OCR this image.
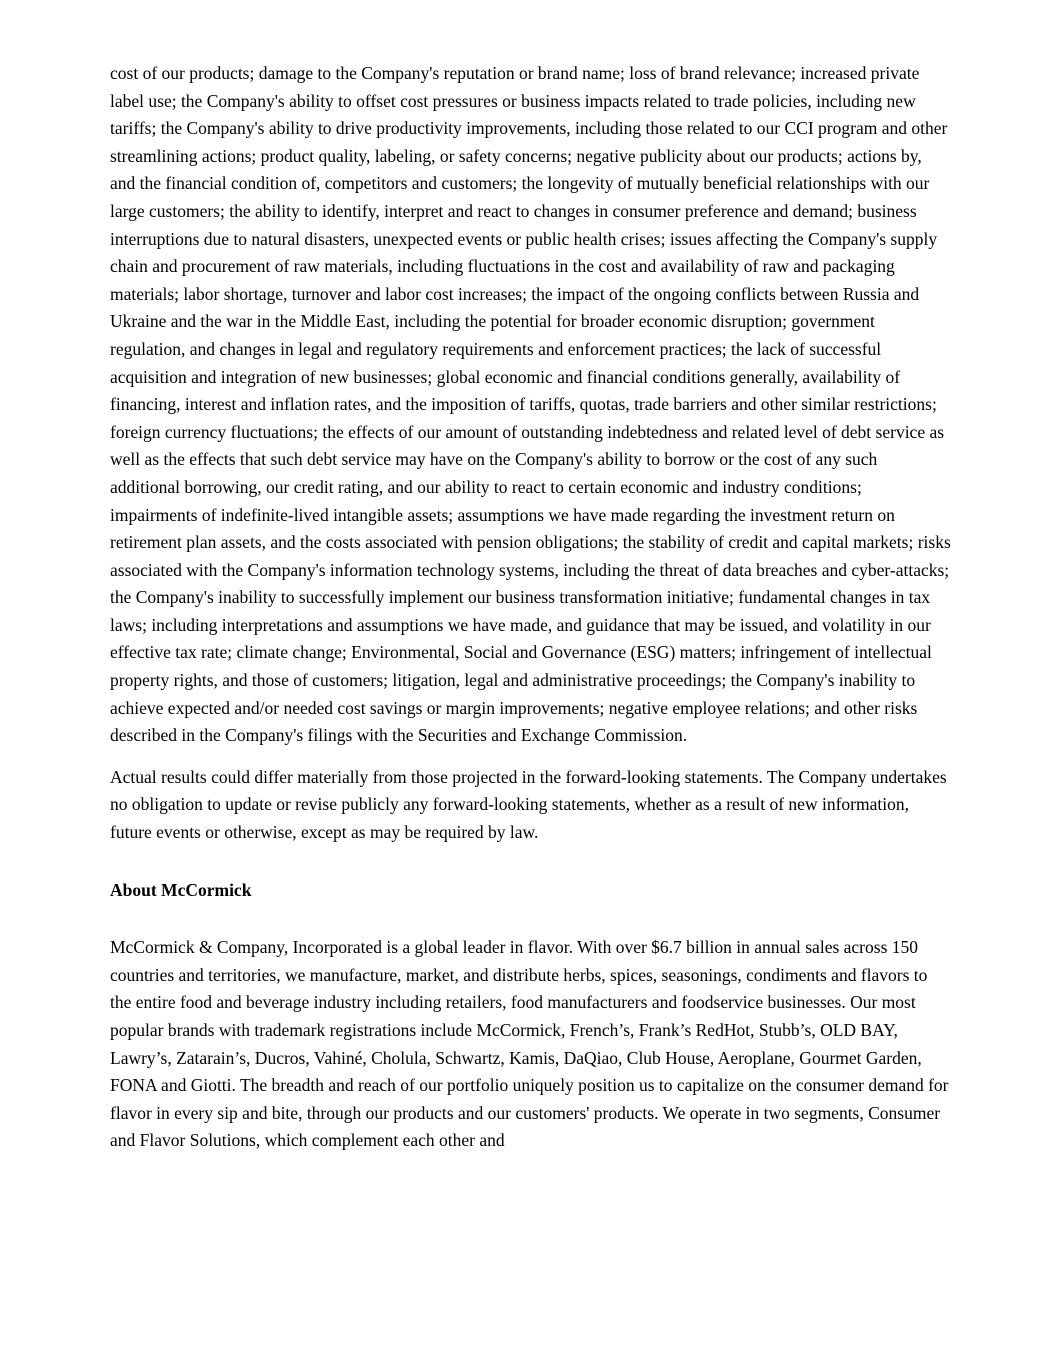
cost of our products; damage to the Company's reputation or brand name; loss of brand relevance; increased private label use; the Company's ability to offset cost pressures or business impacts related to trade policies, including new tariffs; the Company's ability to drive productivity improvements, including those related to our CCI program and other streamlining actions; product quality, labeling, or safety concerns; negative publicity about our products; actions by, and the financial condition of, competitors and customers; the longevity of mutually beneficial relationships with our large customers; the ability to identify, interpret and react to changes in consumer preference and demand; business interruptions due to natural disasters, unexpected events or public health crises; issues affecting the Company's supply chain and procurement of raw materials, including fluctuations in the cost and availability of raw and packaging materials; labor shortage, turnover and labor cost increases; the impact of the ongoing conflicts between Russia and Ukraine and the war in the Middle East, including the potential for broader economic disruption; government regulation, and changes in legal and regulatory requirements and enforcement practices; the lack of successful acquisition and integration of new businesses; global economic and financial conditions generally, availability of financing, interest and inflation rates, and the imposition of tariffs, quotas, trade barriers and other similar restrictions; foreign currency fluctuations; the effects of our amount of outstanding indebtedness and related level of debt service as well as the effects that such debt service may have on the Company's ability to borrow or the cost of any such additional borrowing, our credit rating, and our ability to react to certain economic and industry conditions; impairments of indefinite-lived intangible assets; assumptions we have made regarding the investment return on retirement plan assets, and the costs associated with pension obligations; the stability of credit and capital markets; risks associated with the Company's information technology systems, including the threat of data breaches and cyber-attacks; the Company's inability to successfully implement our business transformation initiative; fundamental changes in tax laws; including interpretations and assumptions we have made, and guidance that may be issued, and volatility in our effective tax rate; climate change; Environmental, Social and Governance (ESG) matters; infringement of intellectual property rights, and those of customers; litigation, legal and administrative proceedings; the Company's inability to achieve expected and/or needed cost savings or margin improvements; negative employee relations; and other risks described in the Company's filings with the Securities and Exchange Commission.

Actual results could differ materially from those projected in the forward-looking statements. The Company undertakes no obligation to update or revise publicly any forward-looking statements, whether as a result of new information, future events or otherwise, except as may be required by law.

About McCormick

McCormick & Company, Incorporated is a global leader in flavor. With over $6.7 billion in annual sales across 150 countries and territories, we manufacture, market, and distribute herbs, spices, seasonings, condiments and flavors to the entire food and beverage industry including retailers, food manufacturers and foodservice businesses. Our most popular brands with trademark registrations include McCormick, French’s, Frank’s RedHot, Stubb’s, OLD BAY, Lawry’s, Zatarain’s, Ducros, Vahiné, Cholula, Schwartz, Kamis, DaQiao, Club House, Aeroplane, Gourmet Garden, FONA and Giotti. The breadth and reach of our portfolio uniquely position us to capitalize on the consumer demand for flavor in every sip and bite, through our products and our customers' products. We operate in two segments, Consumer and Flavor Solutions, which complement each other and
